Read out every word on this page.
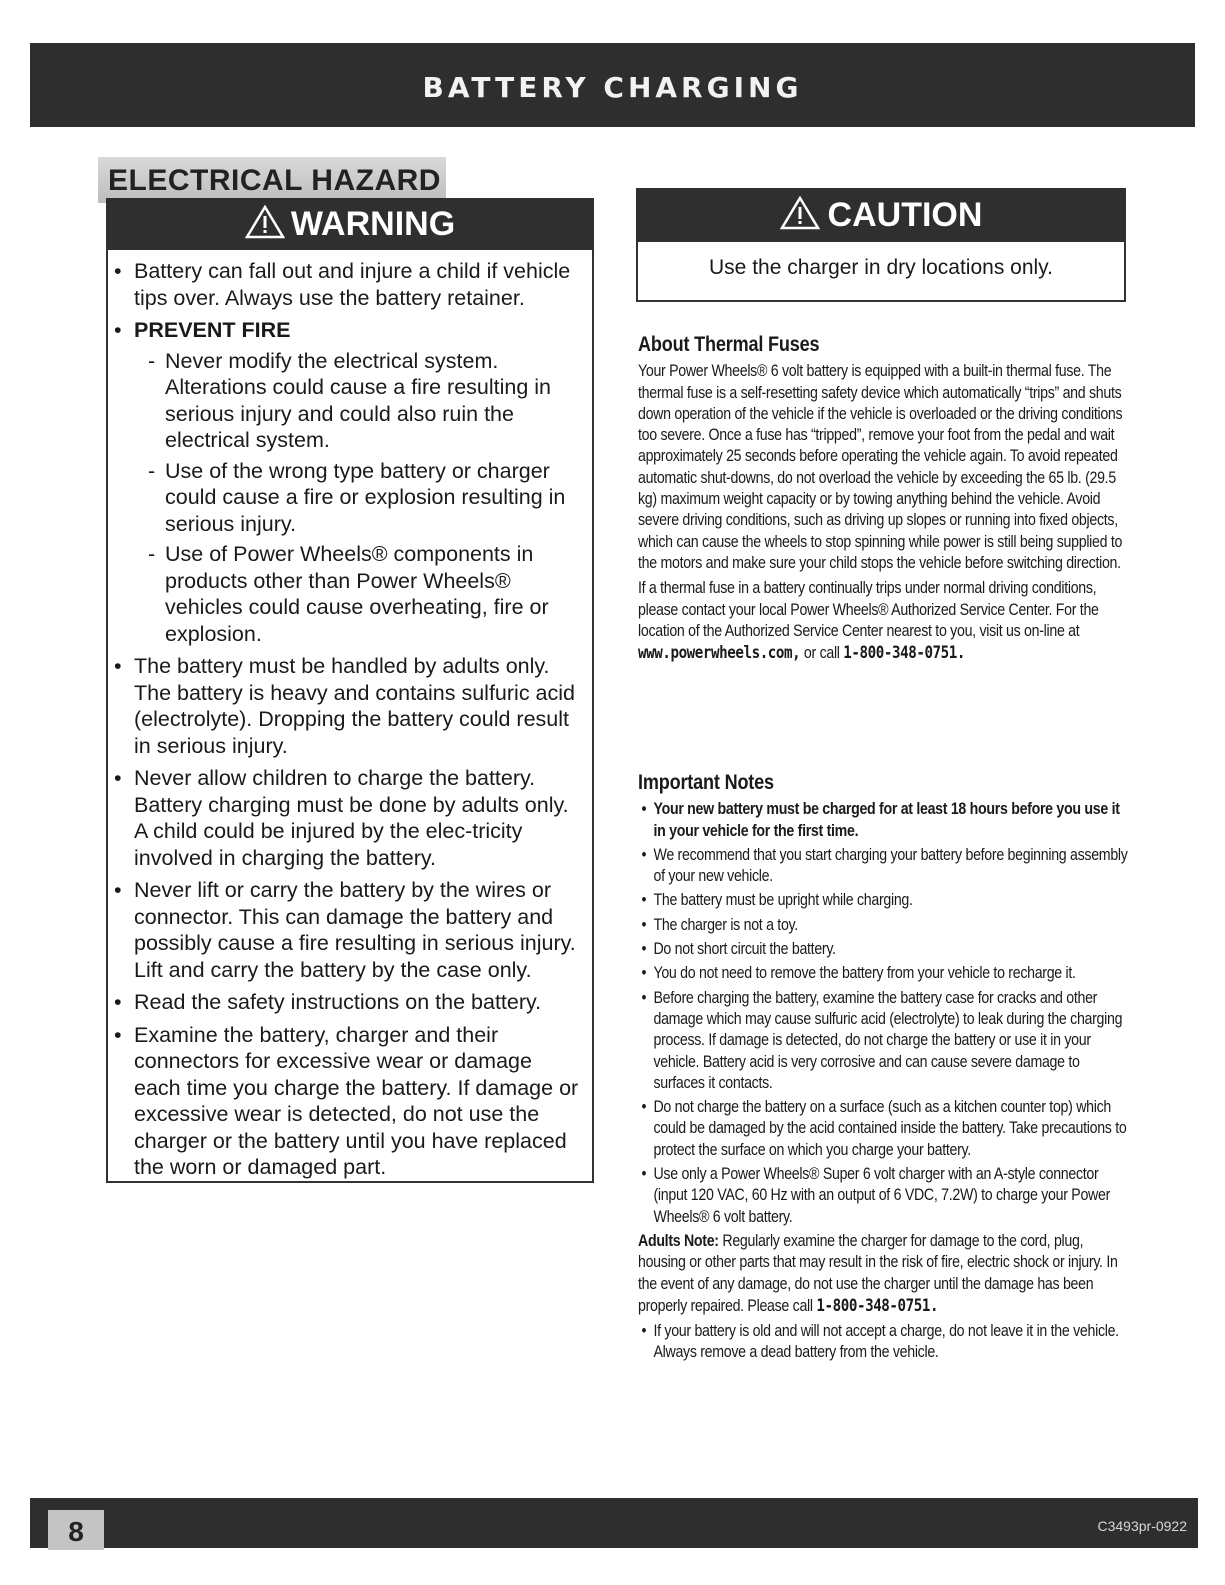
BATTERY CHARGING
ELECTRICAL HAZARD
WARNING
• Battery can fall out and injure a child if vehicle tips over. Always use the battery retainer.
• PREVENT FIRE
- Never modify the electrical system. Alterations could cause a fire resulting in serious injury and could also ruin the electrical system.
- Use of the wrong type battery or charger could cause a fire or explosion resulting in serious injury.
- Use of Power Wheels® components in products other than Power Wheels® vehicles could cause overheating, fire or explosion.
• The battery must be handled by adults only. The battery is heavy and contains sulfuric acid (electrolyte). Dropping the battery could result in serious injury.
• Never allow children to charge the battery. Battery charging must be done by adults only. A child could be injured by the elec-tricity involved in charging the battery.
• Never lift or carry the battery by the wires or connector. This can damage the battery and possibly cause a fire resulting in serious injury. Lift and carry the battery by the case only.
• Read the safety instructions on the battery.
• Examine the battery, charger and their connectors for excessive wear or damage each time you charge the battery. If damage or excessive wear is detected, do not use the charger or the battery until you have replaced the worn or damaged part.
CAUTION
Use the charger in dry locations only.
About Thermal Fuses

Your Power Wheels® 6 volt battery is equipped with a built-in thermal fuse. The thermal fuse is a self-resetting safety device which automatically “trips” and shuts down operation of the vehicle if the vehicle is overloaded or the driving conditions too severe. Once a fuse has “tripped”, remove your foot from the pedal and wait approximately 25 seconds before operating the vehicle again. To avoid repeated automatic shut-downs, do not overload the vehicle by exceeding the 65 lb. (29.5 kg) maximum weight capacity or by towing anything behind the vehicle. Avoid severe driving conditions, such as driving up slopes or running into fixed objects, which can cause the wheels to stop spinning while power is still being supplied to the motors and make sure your child stops the vehicle before switching direction.

If a thermal fuse in a battery continually trips under normal driving conditions, please contact your local Power Wheels® Authorized Service Center. For the location of the Authorized Service Center nearest to you, visit us on-line at www.powerwheels.com, or call 1-800-348-0751.

Important Notes
• Your new battery must be charged for at least 18 hours before you use it in your vehicle for the first time.
• We recommend that you start charging your battery before beginning assembly of your new vehicle.
• The battery must be upright while charging.
• The charger is not a toy.
• Do not short circuit the battery.
• You do not need to remove the battery from your vehicle to recharge it.
• Before charging the battery, examine the battery case for cracks and other damage which may cause sulfuric acid (electrolyte) to leak during the charging process. If damage is detected, do not charge the battery or use it in your vehicle. Battery acid is very corrosive and can cause severe damage to surfaces it contacts.
• Do not charge the battery on a surface (such as a kitchen counter top) which could be damaged by the acid contained inside the battery. Take precautions to protect the surface on which you charge your battery.
• Use only a Power Wheels® Super 6 volt charger with an A-style connector (input 120 VAC, 60 Hz with an output of 6 VDC, 7.2W) to charge your Power Wheels® 6 volt battery.

Adults Note: Regularly examine the charger for damage to the cord, plug, housing or other parts that may result in the risk of fire, electric shock or injury. In the event of any damage, do not use the charger until the damage has been properly repaired. Please call 1-800-348-0751.

• If your battery is old and will not accept a charge, do not leave it in the vehicle. Always remove a dead battery from the vehicle.
8	C3493pr-0922
